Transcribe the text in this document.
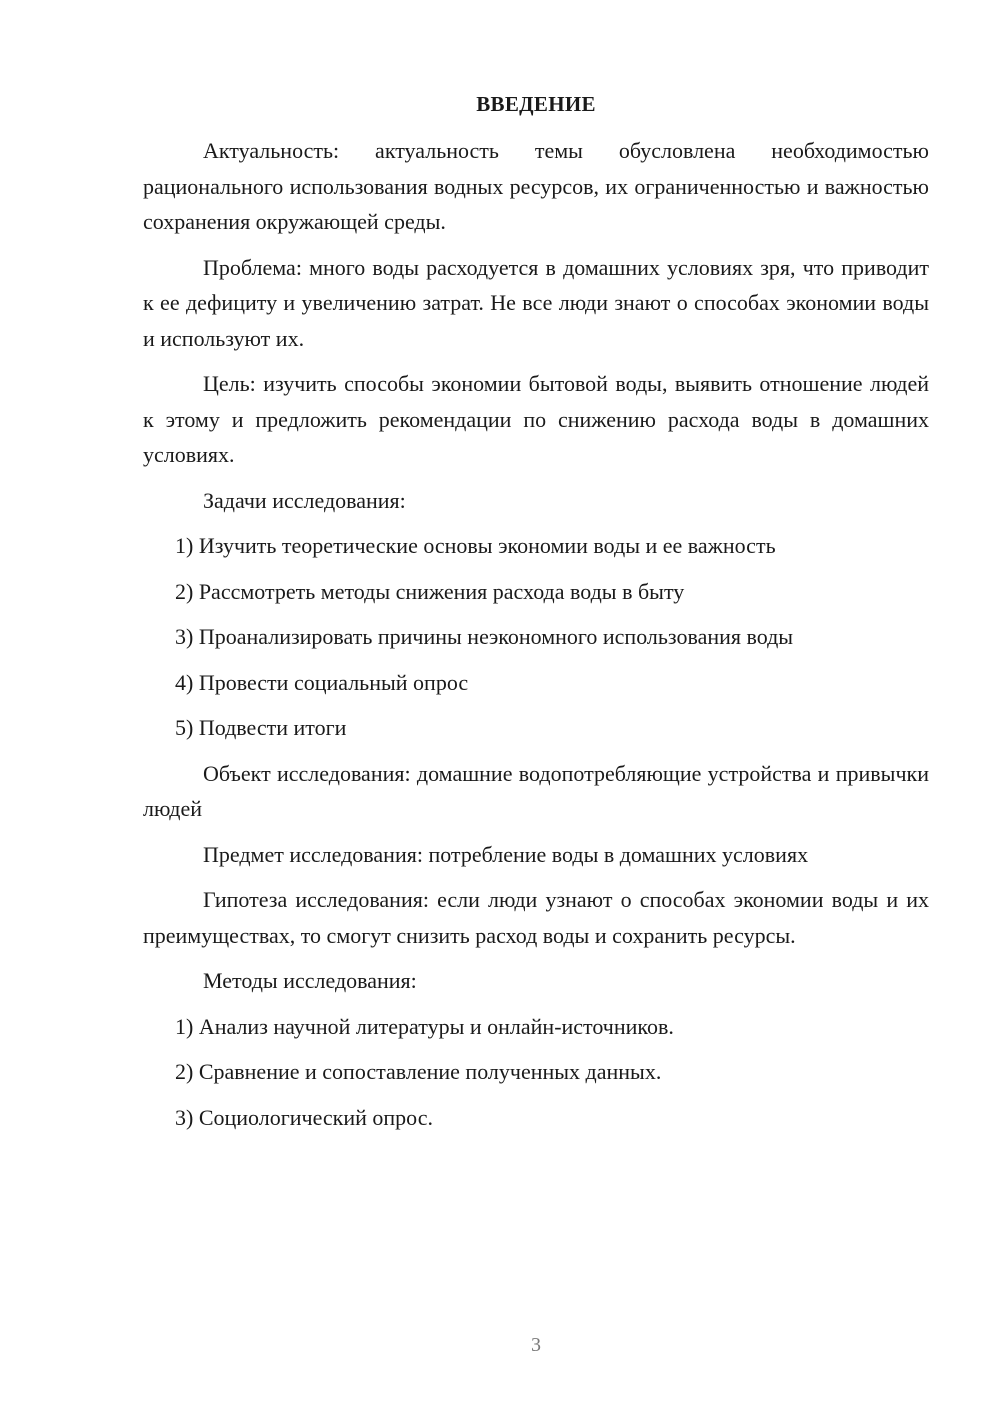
ВВЕДЕНИЕ

Актуальность: актуальность темы обусловлена необходимостью рационального использования водных ресурсов, их ограниченностью и важностью сохранения окружающей среды.

Проблема: много воды расходуется в домашних условиях зря, что приводит к ее дефициту и увеличению затрат. Не все люди знают о способах экономии воды и используют их.

Цель: изучить способы экономии бытовой воды, выявить отношение людей к этому и предложить рекомендации по снижению расхода воды в домашних условиях.

Задачи исследования:

1) Изучить теоретические основы экономии воды и ее важность
2) Рассмотреть методы снижения расхода воды в быту
3) Проанализировать причины неэкономного использования воды
4) Провести социальный опрос
5) Подвести итоги

Объект исследования: домашние водопотребляющие устройства и привычки людей

Предмет исследования: потребление воды в домашних условиях

Гипотеза исследования: если люди узнают о способах экономии воды и их преимуществах, то смогут снизить расход воды и сохранить ресурсы.

Методы исследования:

1) Анализ научной литературы и онлайн-источников.
2) Сравнение и сопоставление полученных данных.
3) Социологический опрос.
3
